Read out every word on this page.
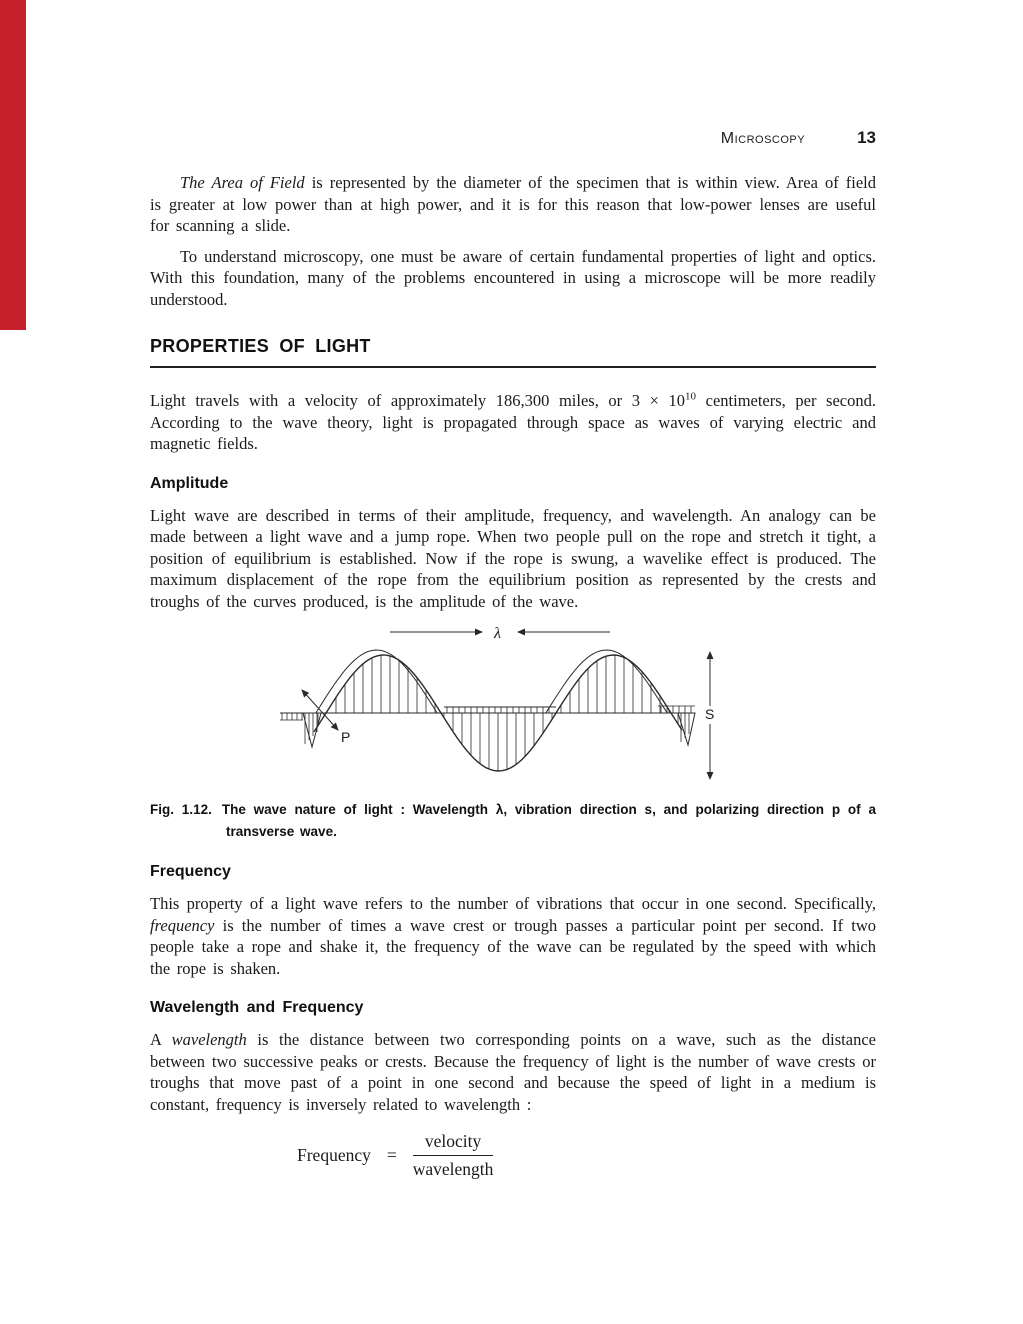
Microscopy	13

The Area of Field is represented by the diameter of the specimen that is within view. Area of field is greater at low power than at high power, and it is for this reason that low-power lenses are useful for scanning a slide.

To understand microscopy, one must be aware of certain fundamental properties of light and optics. With this foundation, many of the problems encountered in using a microscope will be more readily understood.

PROPERTIES OF LIGHT

Light travels with a velocity of approximately 186,300 miles, or $3 \times 10^{10}$ centimeters, per second. According to the wave theory, light is propagated through space as waves of varying electric and magnetic fields.

Amplitude

Light wave are described in terms of their amplitude, frequency, and wavelength. An analogy can be made between a light wave and a jump rope. When two people pull on the rope and stretch it tight, a position of equilibrium is established. Now if the rope is swung, a wavelike effect is produced. The maximum displacement of the rope from the equilibrium position as represented by the crests and troughs of the curves produced, is the amplitude of the wave.

λ
P
S

Fig. 1.12. The wave nature of light : Wavelength λ, vibration direction s, and polarizing direction p of a transverse wave.

Frequency

This property of a light wave refers to the number of vibrations that occur in one second. Specifically, frequency is the number of times a wave crest or trough passes a particular point per second. If two people take a rope and shake it, the frequency of the wave can be regulated by the speed with which the rope is shaken.

Wavelength and Frequency

A wavelength is the distance between two corresponding points on a wave, such as the distance between two successive peaks or crests. Because the frequency of light is the number of wave crests or troughs that move past of a point in one second and because the speed of light in a medium is constant, frequency is inversely related to wavelength :

Frequency = $\frac{\text{velocity}}{\text{wavelength}}$
